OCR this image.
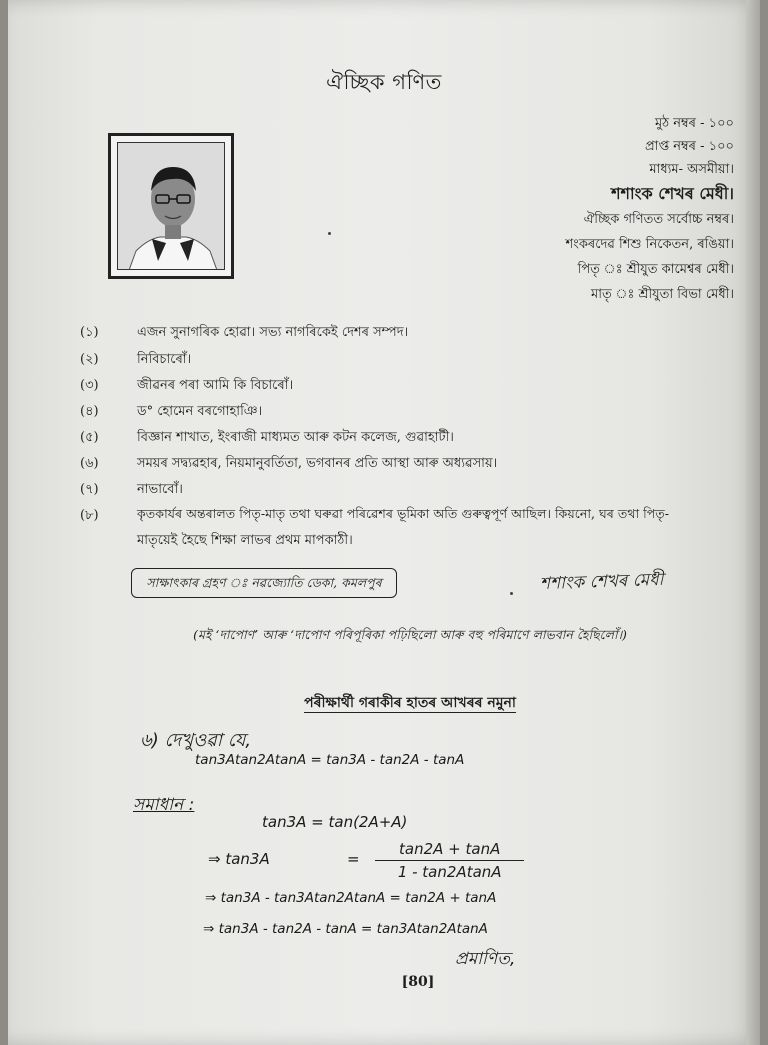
ঐচ্ছিক গণিত
মুঠ নম্বৰ - ১০০
প্ৰাপ্ত নম্বৰ - ১০০
মাধ্যম- অসমীয়া।
শশাংক শেখৰ মেধী।
ঐচ্ছিক গণিতত সৰ্বোচ্চ নম্বৰ।
শংকৰদেৱ শিশু নিকেতন, ৰঙিয়া।
পিতৃ ঃ শ্ৰীযুত কামেশ্বৰ মেধী।
মাতৃ ঃ শ্ৰীযুতা বিভা মেধী।
(১)	এজন সুনাগৰিক হোৱা। সভ্য নাগৰিকেই দেশৰ সম্পদ।
(২)	নিবিচাৰোঁ।
(৩)	জীৱনৰ পৰা আমি কি বিচাৰোঁ।
(৪)	ড° হোমেন বৰগোহাঞি।
(৫)	বিজ্ঞান শাখাত, ইংৰাজী মাধ্যমত আৰু কটন কলেজ, গুৱাহাটী।
(৬)	সময়ৰ সদ্ব্যৱহাৰ, নিয়মানুবৰ্তিতা, ভগবানৰ প্ৰতি আস্থা আৰু অধ্যৱসায়।
(৭)	নাভাবোঁ।
(৮)	কৃতকাৰ্যৰ অন্তৰালত পিতৃ-মাতৃ তথা ঘৰুৱা পৰিৱেশৰ ভূমিকা অতি গুৰুত্বপূৰ্ণ আছিল। কিয়নো, ঘৰ তথা পিতৃ-
মাতৃয়েই হৈছে শিক্ষা লাভৰ প্ৰথম মাপকাঠী।
সাক্ষাৎকাৰ গ্ৰহণ ঃ নৱজ্যোতি ডেকা, কমলপুৰ	শশাংক শেখৰ মেধী
(মই ‘দাপোণ’ আৰু ‘দাপোণ পৰিপূৰিকা পঢ়িছিলো আৰু বহু পৰিমাণে লাভবান হৈছিলোঁ।)
পৰীক্ষাৰ্থী গৰাকীৰ হাতৰ আখৰৰ নমুনা
৬) দেখুওৱা যে,
tan3Atan2AtanA = tan3A - tan2A - tanA
সমাধান :
tan3A = tan(2A+A)
⇒ tan3A	= $\frac{\tan 2A + \tan A}{1 - \tan 2AtanA}$
⇒ tan3A - tan3Atan2AtanA = tan2A + tanA
⇒ tan3A - tan2A - tanA = tan3Atan2AtanA
প্ৰমাণিত,
[80]
